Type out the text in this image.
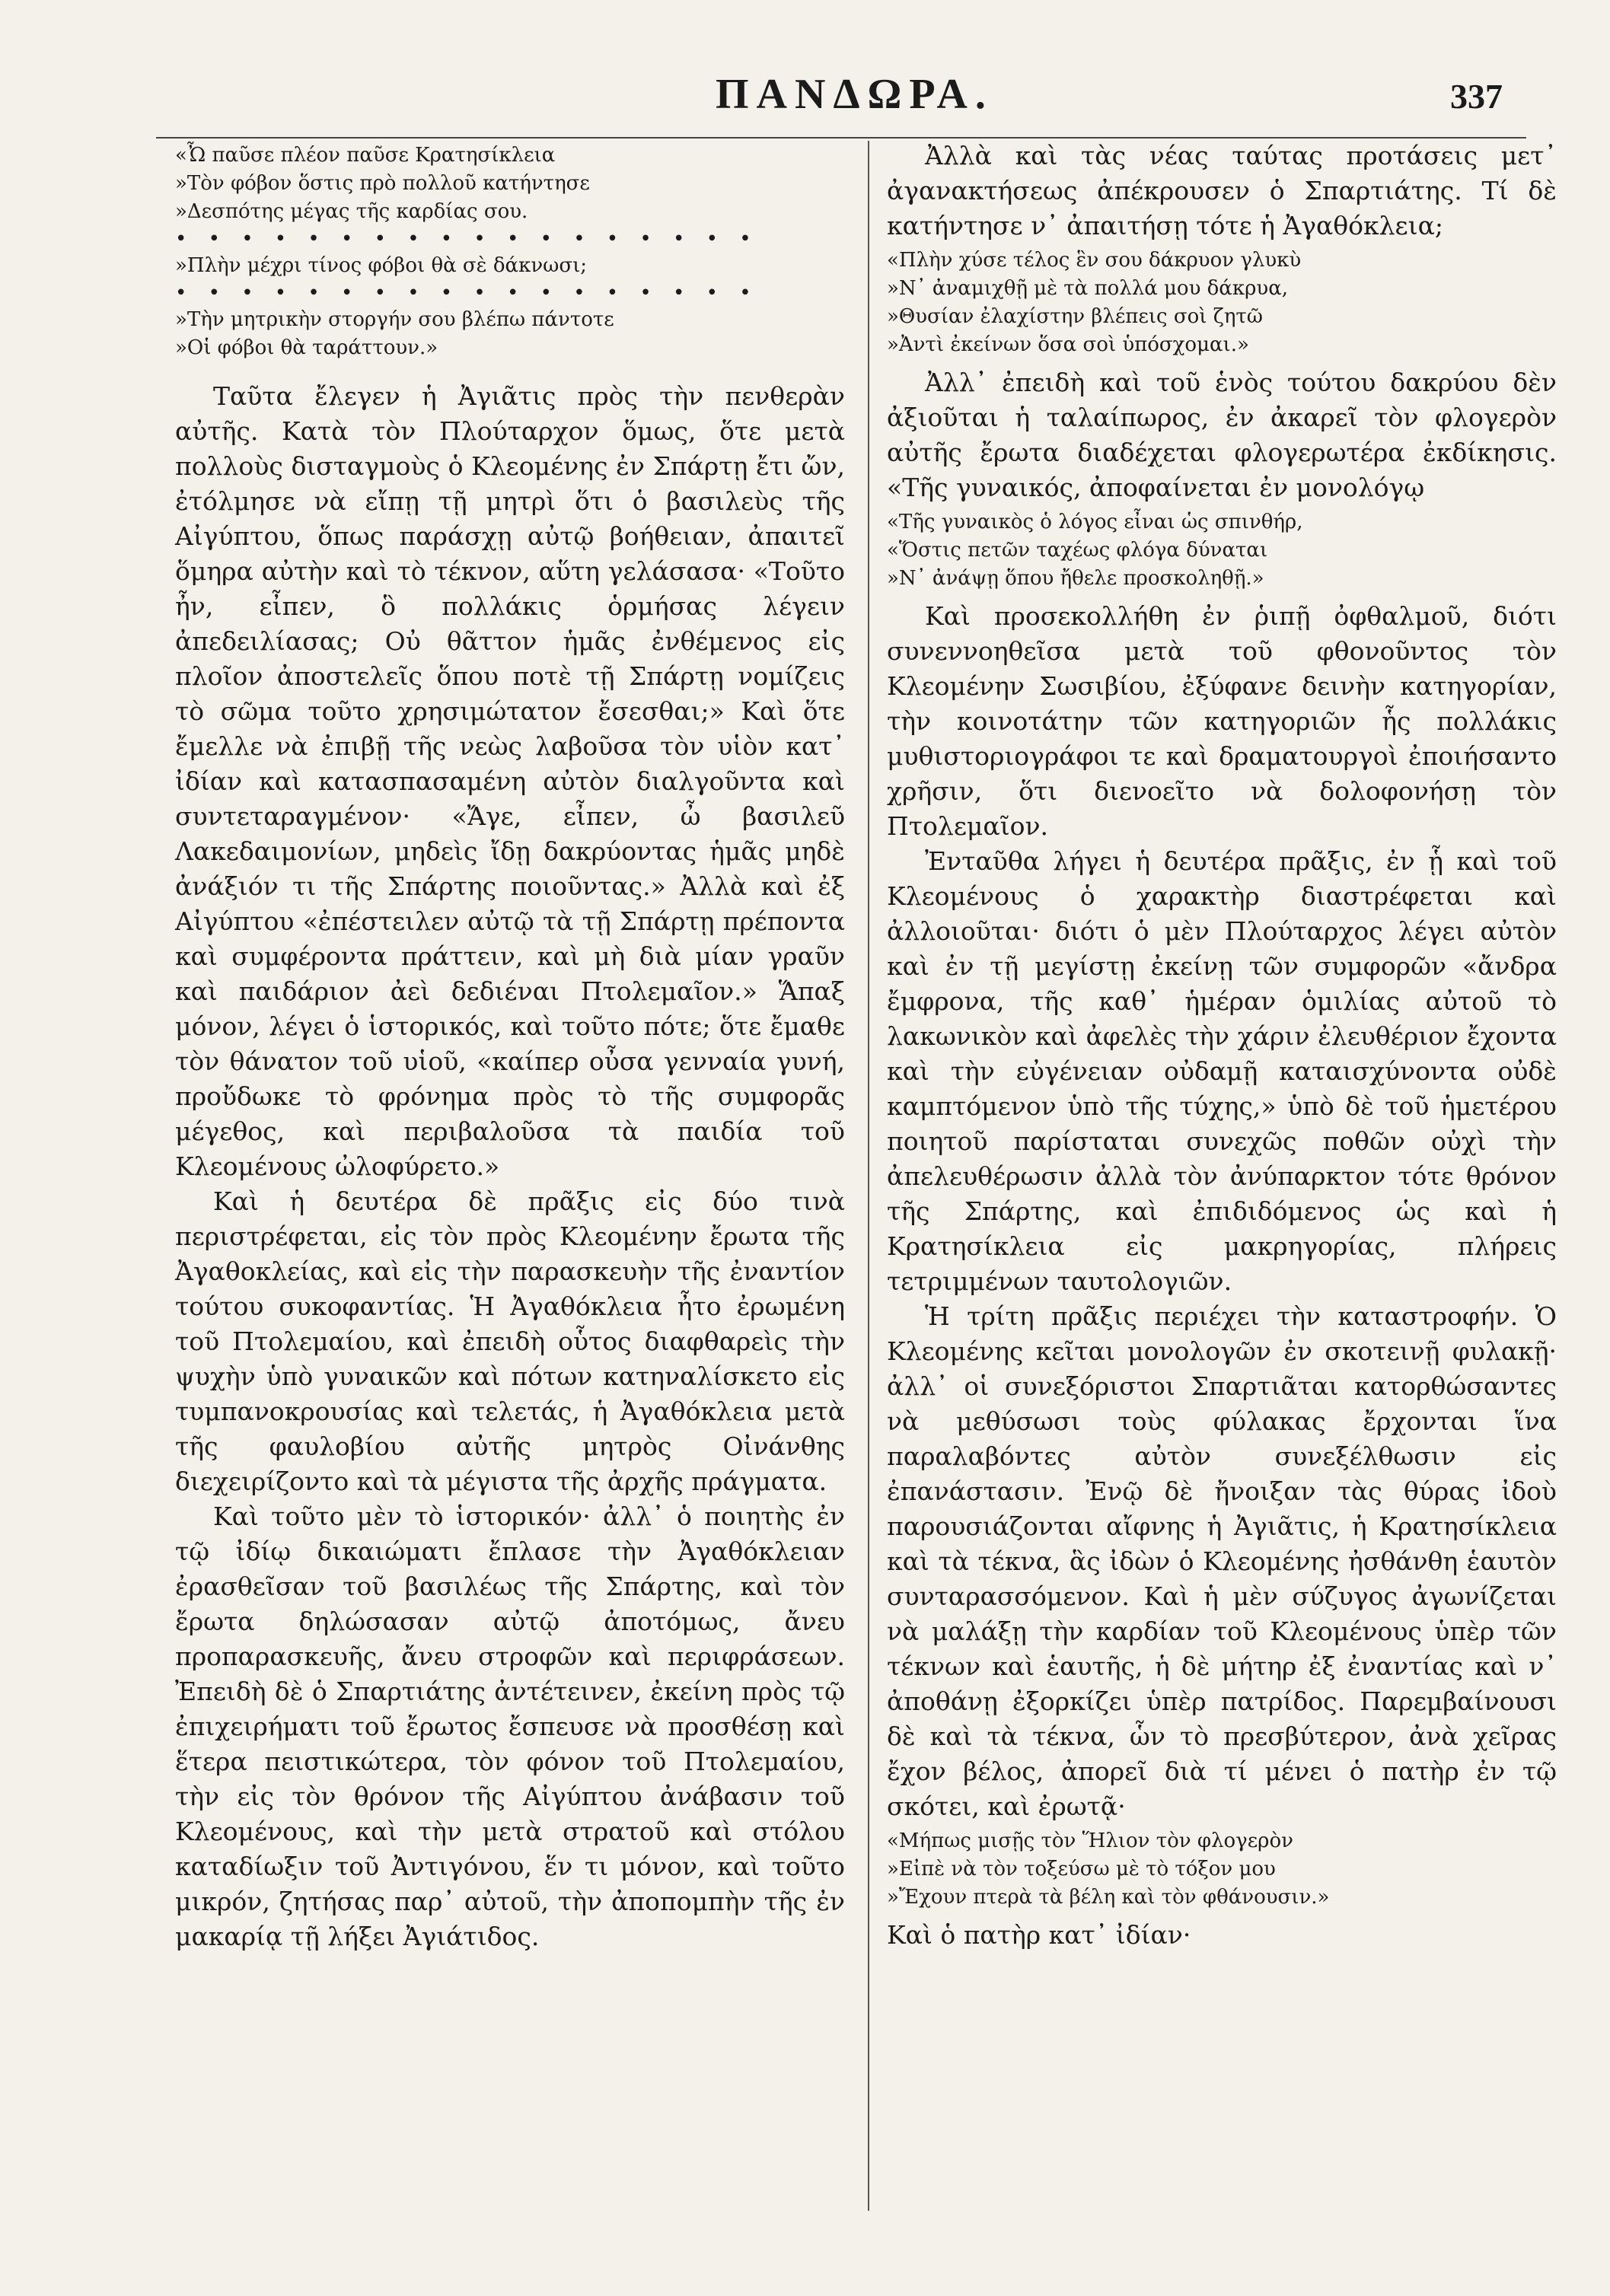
ΠΑΝΔΩΡΑ.	337
«Ὦ παῦσε πλέον παῦσε Κρατησίκλεια
»Τὸν φόβον ὅστις πρὸ πολλοῦ κατήντησε
»Δεσπότης μέγας τῆς καρδίας σου.
• • • • • • • • • • • • • • • • • •
»Πλὴν μέχρι τίνος φόβοι θὰ σὲ δάκνωσι;
• • • • • • • • • • • • • • • • • •
»Τὴν μητρικὴν στοργήν σου βλέπω πάντοτε
»Οἱ φόβοι θὰ ταράττουν.»

Ταῦτα ἔλεγεν ἡ Ἀγιᾶτις πρὸς τὴν πενθερὰν αὐτῆς. Κατὰ τὸν Πλούταρχον ὅμως, ὅτε μετὰ πολλοὺς δισταγμοὺς ὁ Κλεομένης ἐν Σπάρτῃ ἔτι ὤν, ἐτόλμησε νὰ εἴπῃ τῇ μητρὶ ὅτι ὁ βασιλεὺς τῆς Αἰγύπτου, ὅπως παράσχῃ αὐτῷ βοήθειαν, ἀπαιτεῖ ὅμηρα αὐτὴν καὶ τὸ τέκνον, αὕτη γελάσασα· «Τοῦτο ἦν, εἶπεν, ὃ πολλάκις ὁρμήσας λέγειν ἀπεδειλίασας; Οὐ θᾶττον ἡμᾶς ἐνθέμενος εἰς πλοῖον ἀποστελεῖς ὅπου ποτὲ τῇ Σπάρτῃ νομίζεις τὸ σῶμα τοῦτο χρησιμώτατον ἔσεσθαι;» Καὶ ὅτε ἔμελλε νὰ ἐπιβῇ τῆς νεὼς λαβοῦσα τὸν υἱὸν κατ᾽ ἰδίαν καὶ κατασπασαμένη αὐτὸν διαλγοῦντα καὶ συντεταραγμένον· «Ἄγε, εἶπεν, ὦ βασιλεῦ Λακεδαιμονίων, μηδεὶς ἴδῃ δακρύοντας ἡμᾶς μηδὲ ἀνάξιόν τι τῆς Σπάρτης ποιοῦντας.» Ἀλλὰ καὶ ἐξ Αἰγύπτου «ἐπέστειλεν αὐτῷ τὰ τῇ Σπάρτῃ πρέποντα καὶ συμφέροντα πράττειν, καὶ μὴ διὰ μίαν γραῦν καὶ παιδάριον ἀεὶ δεδιέναι Πτολεμαῖον.» Ἅπαξ μόνον, λέγει ὁ ἱστορικός, καὶ τοῦτο πότε; ὅτε ἔμαθε τὸν θάνατον τοῦ υἱοῦ, «καίπερ οὖσα γενναία γυνή, προὔδωκε τὸ φρόνημα πρὸς τὸ τῆς συμφορᾶς μέγεθος, καὶ περιβαλοῦσα τὰ παιδία τοῦ Κλεομένους ὠλοφύρετο.»

Καὶ ἡ δευτέρα δὲ πρᾶξις εἰς δύο τινὰ περιστρέφεται, εἰς τὸν πρὸς Κλεομένην ἔρωτα τῆς Ἀγαθοκλείας, καὶ εἰς τὴν παρασκευὴν τῆς ἐναντίον τούτου συκοφαντίας. Ἡ Ἀγαθόκλεια ἦτο ἐρωμένη τοῦ Πτολεμαίου, καὶ ἐπειδὴ οὗτος διαφθαρεὶς τὴν ψυχὴν ὑπὸ γυναικῶν καὶ πότων κατηναλίσκετο εἰς τυμπανοκρουσίας καὶ τελετάς, ἡ Ἀγαθόκλεια μετὰ τῆς φαυλοβίου αὐτῆς μητρὸς Οἰνάνθης διεχειρίζοντο καὶ τὰ μέγιστα τῆς ἀρχῆς πράγματα.

Καὶ τοῦτο μὲν τὸ ἱστορικόν· ἀλλ᾽ ὁ ποιητὴς ἐν τῷ ἰδίῳ δικαιώματι ἔπλασε τὴν Ἀγαθόκλειαν ἐρασθεῖσαν τοῦ βασιλέως τῆς Σπάρτης, καὶ τὸν ἔρωτα δηλώσασαν αὐτῷ ἀποτόμως, ἄνευ προπαρασκευῆς, ἄνευ στροφῶν καὶ περιφράσεων. Ἐπειδὴ δὲ ὁ Σπαρτιάτης ἀντέτεινεν, ἐκείνη πρὸς τῷ ἐπιχειρήματι τοῦ ἔρωτος ἔσπευσε νὰ προσθέσῃ καὶ ἕτερα πειστικώτερα, τὸν φόνον τοῦ Πτολεμαίου, τὴν εἰς τὸν θρόνον τῆς Αἰγύπτου ἀνάβασιν τοῦ Κλεομένους, καὶ τὴν μετὰ στρατοῦ καὶ στόλου καταδίωξιν τοῦ Ἀντιγόνου, ἕν τι μόνον, καὶ τοῦτο μικρόν, ζητήσας παρ᾽ αὐτοῦ, τὴν ἀποπομπὴν τῆς ἐν μακαρίᾳ τῇ λήξει Ἀγιάτιδος.

Ἀλλὰ καὶ τὰς νέας ταύτας προτάσεις μετ᾽ ἀγανακτήσεως ἀπέκρουσεν ὁ Σπαρτιάτης. Τί δὲ κατήντησε ν᾽ ἀπαιτήσῃ τότε ἡ Ἀγαθόκλεια;

«Πλὴν χύσε τέλος ἓν σου δάκρυον γλυκὺ
»Ν᾽ ἀναμιχθῇ μὲ τὰ πολλά μου δάκρυα,
»Θυσίαν ἐλαχίστην βλέπεις σοὶ ζητῶ
»Ἀντὶ ἐκείνων ὅσα σοὶ ὑπόσχομαι.»

Ἀλλ᾽ ἐπειδὴ καὶ τοῦ ἑνὸς τούτου δακρύου δὲν ἀξιοῦται ἡ ταλαίπωρος, ἐν ἀκαρεῖ τὸν φλογερὸν αὐτῆς ἔρωτα διαδέχεται φλογερωτέρα ἐκδίκησις. «Τῆς γυναικός, ἀποφαίνεται ἐν μονολόγῳ

«Τῆς γυναικὸς ὁ λόγος εἶναι ὡς σπινθήρ,
«Ὅστις πετῶν ταχέως φλόγα δύναται
»Ν᾽ ἀνάψῃ ὅπου ἤθελε προσκοληθῇ.»

Καὶ προσεκολλήθη ἐν ῥιπῇ ὀφθαλμοῦ, διότι συνεννοηθεῖσα μετὰ τοῦ φθονοῦντος τὸν Κλεομένην Σωσιβίου, ἐξύφανε δεινὴν κατηγορίαν, τὴν κοινοτάτην τῶν κατηγοριῶν ἧς πολλάκις μυθιστοριογράφοι τε καὶ δραματουργοὶ ἐποιήσαντο χρῆσιν, ὅτι διενοεῖτο νὰ δολοφονήσῃ τὸν Πτολεμαῖον.

Ἐνταῦθα λήγει ἡ δευτέρα πρᾶξις, ἐν ᾗ καὶ τοῦ Κλεομένους ὁ χαρακτὴρ διαστρέφεται καὶ ἀλλοιοῦται· διότι ὁ μὲν Πλούταρχος λέγει αὐτὸν καὶ ἐν τῇ μεγίστῃ ἐκείνῃ τῶν συμφορῶν «ἄνδρα ἔμφρονα, τῆς καθ᾽ ἡμέραν ὁμιλίας αὐτοῦ τὸ λακωνικὸν καὶ ἀφελὲς τὴν χάριν ἐλευθέριον ἔχοντα καὶ τὴν εὐγένειαν οὐδαμῇ καταισχύνοντα οὐδὲ καμπτόμενον ὑπὸ τῆς τύχης,» ὑπὸ δὲ τοῦ ἡμετέρου ποιητοῦ παρίσταται συνεχῶς ποθῶν οὐχὶ τὴν ἀπελευθέρωσιν ἀλλὰ τὸν ἀνύπαρκτον τότε θρόνον τῆς Σπάρτης, καὶ ἐπιδιδόμενος ὡς καὶ ἡ Κρατησίκλεια εἰς μακρηγορίας, πλήρεις τετριμμένων ταυτολογιῶν.

Ἡ τρίτη πρᾶξις περιέχει τὴν καταστροφήν. Ὁ Κλεομένης κεῖται μονολογῶν ἐν σκοτεινῇ φυλακῇ· ἀλλ᾽ οἱ συνεξόριστοι Σπαρτιᾶται κατορθώσαντες νὰ μεθύσωσι τοὺς φύλακας ἔρχονται ἵνα παραλαβόντες αὐτὸν συνεξέλθωσιν εἰς ἐπανάστασιν. Ἐνῷ δὲ ἤνοιξαν τὰς θύρας ἰδοὺ παρουσιάζονται αἴφνης ἡ Ἀγιᾶτις, ἡ Κρατησίκλεια καὶ τὰ τέκνα, ἃς ἰδὼν ὁ Κλεομένης ἠσθάνθη ἑαυτὸν συνταρασσόμενον. Καὶ ἡ μὲν σύζυγος ἀγωνίζεται νὰ μαλάξῃ τὴν καρδίαν τοῦ Κλεομένους ὑπὲρ τῶν τέκνων καὶ ἑαυτῆς, ἡ δὲ μήτηρ ἐξ ἐναντίας καὶ ν᾽ ἀποθάνῃ ἐξορκίζει ὑπὲρ πατρίδος. Παρεμβαίνουσι δὲ καὶ τὰ τέκνα, ὧν τὸ πρεσβύτερον, ἀνὰ χεῖρας ἔχον βέλος, ἀπορεῖ διὰ τί μένει ὁ πατὴρ ἐν τῷ σκότει, καὶ ἐρωτᾷ·

«Μήπως μισῇς τὸν Ἥλιον τὸν φλογερὸν
»Εἰπὲ νὰ τὸν τοξεύσω μὲ τὸ τόξον μου
»Ἔχουν πτερὰ τὰ βέλη καὶ τὸν φθάνουσιν.»

Καὶ ὁ πατὴρ κατ᾽ ἰδίαν·
